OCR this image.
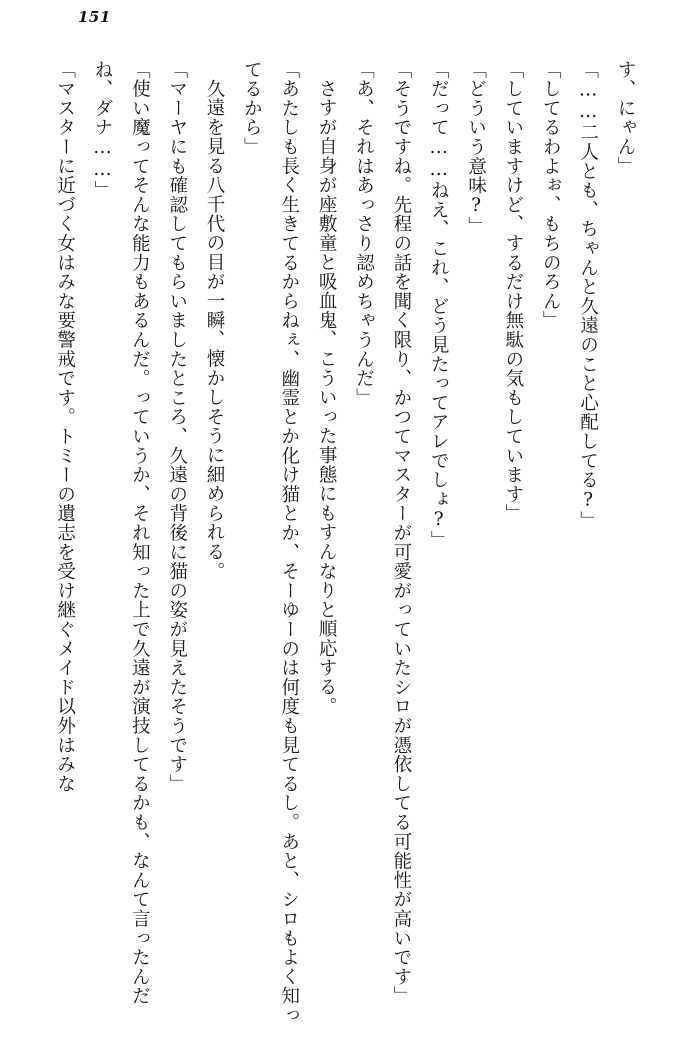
151

す、にゃん」

「……二人とも、ちゃんと久遠のこと心配してる?」

「してるわよぉ、もちのろん」

「していますけど、するだけ無駄の気もしています」

「どういう意味?」

「だって……ねえ、これ、どう見たってアレでしょ?」

「そうですね。先程の話を聞く限り、かつてマスターが可愛がっていたシロが憑依してる可能性が高いです」

「あ、それはあっさり認めちゃうんだ」

さすが自身が座敷童と吸血鬼、こういった事態にもすんなりと順応する。

「あたしも長く生きてるからねぇ、幽霊とか化け猫とか、そーゆーのは何度も見てるし。あと、シロもよく知ってるから」

久遠を見る八千代の目が一瞬、懐かしそうに細められる。

「マーヤにも確認してもらいましたところ、久遠の背後に猫の姿が見えたそうです」

「使い魔ってそんな能力もあるんだ。っていうか、それ知った上で久遠が演技してるかも、なんて言ったんだね、ダナ……」

「マスターに近づく女はみな要警戒です。トミーの遺志を受け継ぐメイド以外はみな
